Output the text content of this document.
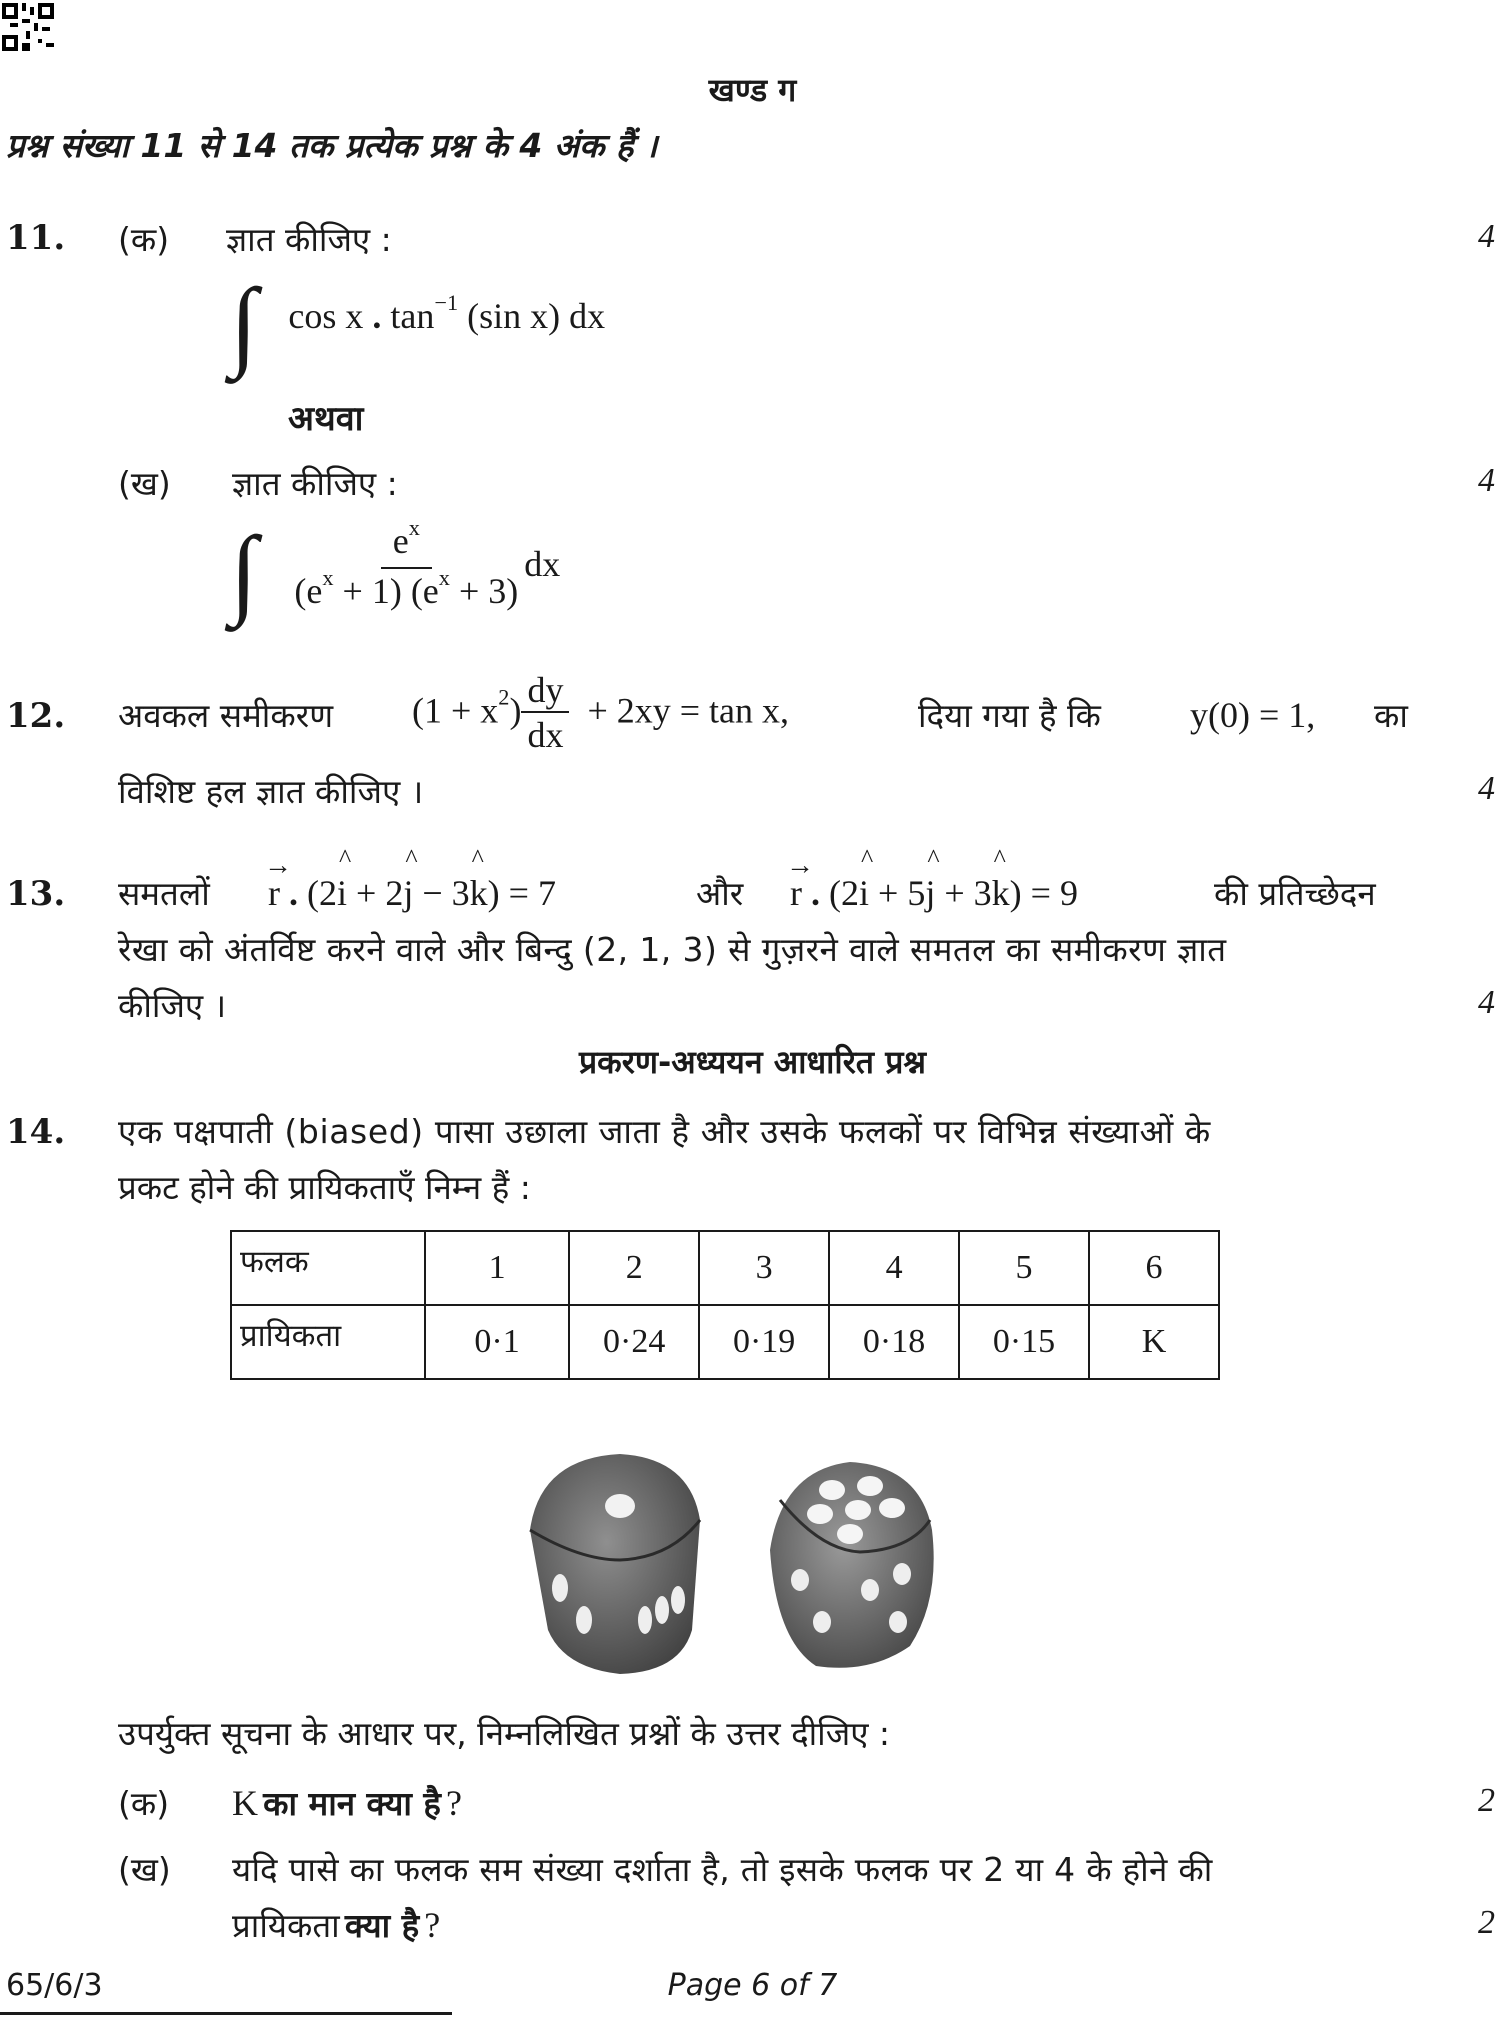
खण्ड ग
प्रश्न संख्या 11 से 14 तक प्रत्येक प्रश्न के 4 अंक हैं ।
11. (क) ज्ञात कीजिए :	4
∫ cos x . $\tan^{-1} (\sin$ x) dx
अथवा
(ख) ज्ञात कीजिए :	4
∫ $\frac{e^x}{(e^x + 1) (e^x + 3)}$ dx
12. अवकल समीकरण $(1 + x^2) \frac{dy}{dx} + 2xy = \tan x$,	दिया गया है कि y(0) = 1, का
विशिष्ट हल ज्ञात कीजिए ।	4
13. समतलों r
→
. (2i
^
+ 2j
^
− 3k
^
) = 7	और r
→
. (2i
^
+ 5j
^
+ 3k
^
) = 9	की प्रतिच्छेदन
रेखा को अंतर्विष्ट करने वाले और बिन्दु (2, 1, 3) से गुज़रने वाले समतल का समीकरण ज्ञात
कीजिए ।	4
प्रकरण-अध्ययन आधारित प्रश्न
14. एक पक्षपाती (biased) पासा उछाला जाता है और उसके फलकों पर विभिन्न संख्याओं के
प्रकट होने की प्रायिकताएँ निम्न हैं :
फलक	1	2	3	4	5	6
प्रायिकता	0·1	0·24	0·19	0·18	0·15	K
उपर्युक्त सूचना के आधार पर, निम्नलिखित प्रश्नों के उत्तर दीजिए :
(क) K का मान क्या है ?	2
(ख) यदि पासे का फलक सम संख्या दर्शाता है, तो इसके फलक पर 2 या 4 के होने की
प्रायिकता क्या है ?	2
65/6/3	Page 6 of 7
